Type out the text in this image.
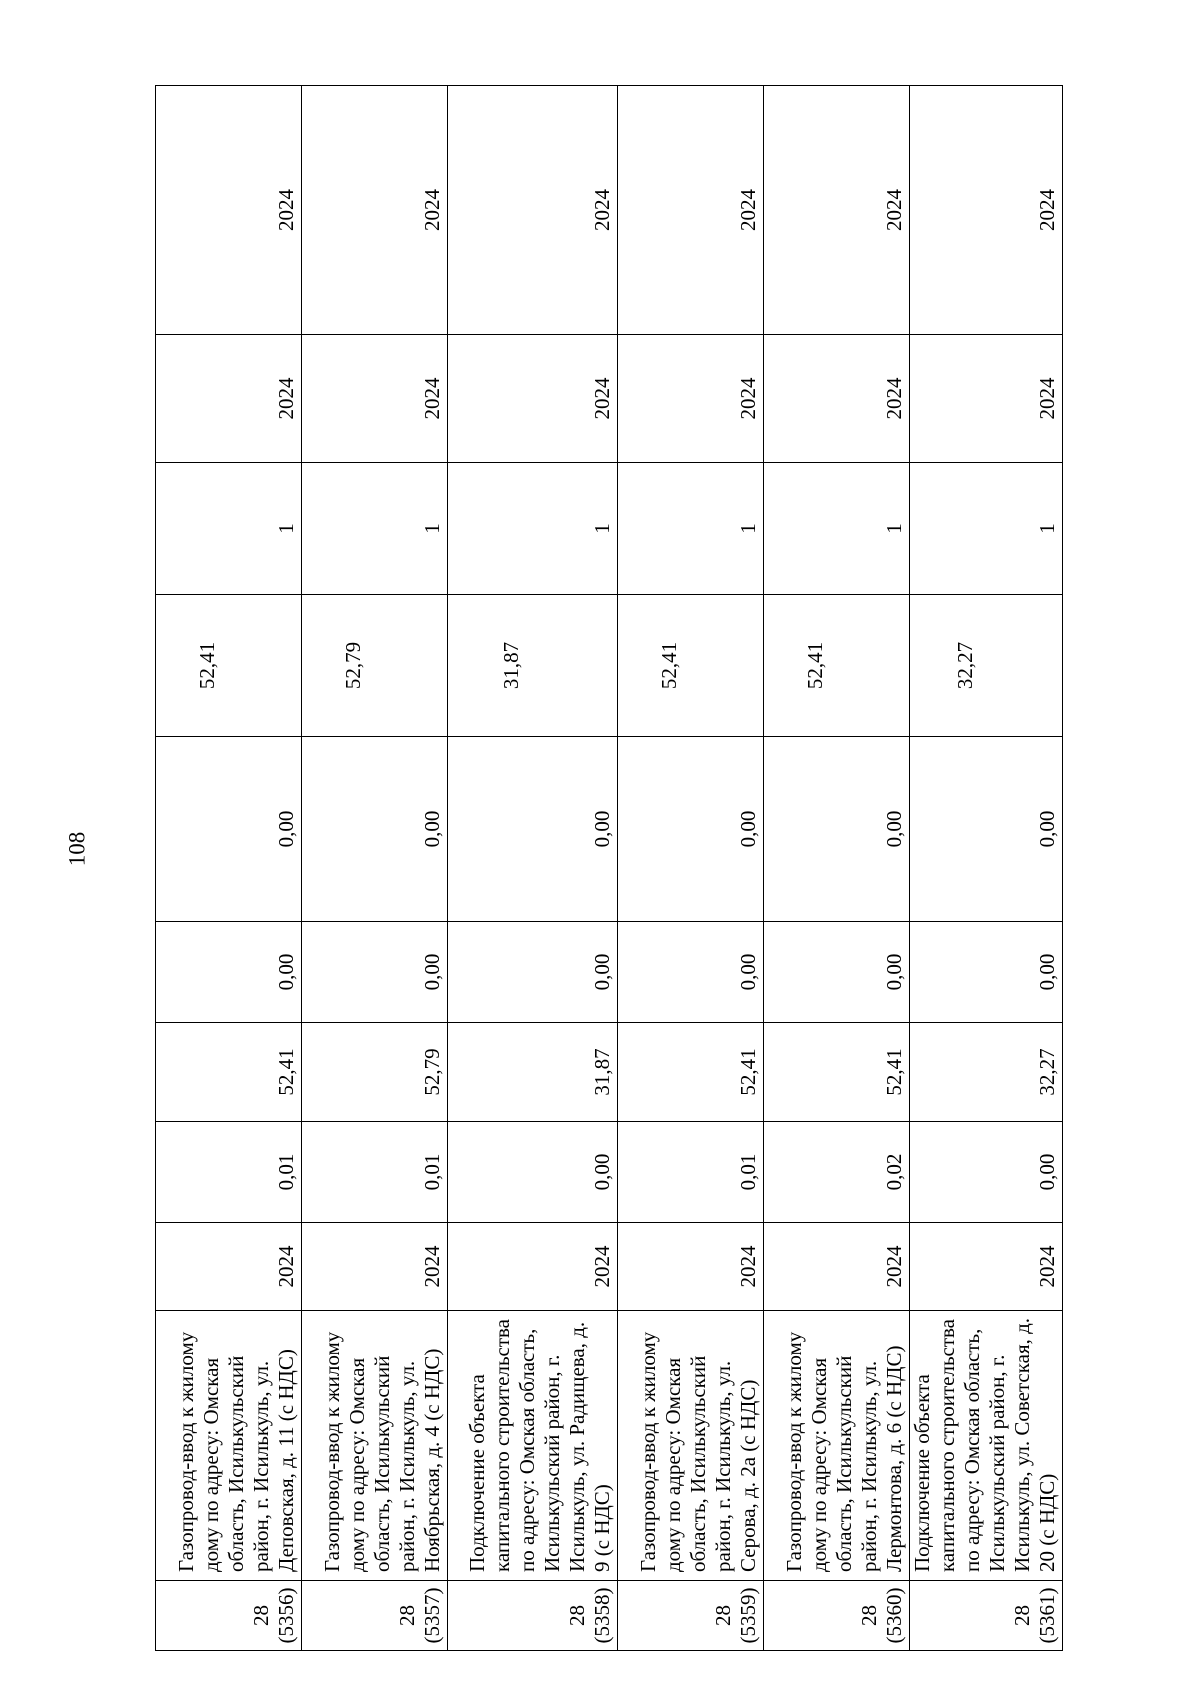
108
28 (5356)	Газопровод-ввод к жилому дому по адресу: Омская область, Исилькульский район, г. Исилькуль, ул. Деповская, д. 11 (с НДС)	2024	0,01	52,41	0,00	0,00	52,41	1	2024	2024

28 (5357)	Газопровод-ввод к жилому дому по адресу: Омская область, Исилькульский район, г. Исилькуль, ул. Ноябрьская, д. 4 (с НДС)	2024	0,01	52,79	0,00	0,00	52,79	1	2024	2024

28 (5358)	Подключение объекта капитального строительства по адресу: Омская область, Исилькульский район, г. Исилькуль, ул. Радищева, д. 9 (с НДС)	2024	0,00	31,87	0,00	0,00	31,87	1	2024	2024

28 (5359)	Газопровод-ввод к жилому дому по адресу: Омская область, Исилькульский район, г. Исилькуль, ул. Серова, д. 2а (с НДС)	2024	0,01	52,41	0,00	0,00	52,41	1	2024	2024

28 (5360)	Газопровод-ввод к жилому дому по адресу: Омская область, Исилькульский район, г. Исилькуль, ул. Лермонтова, д. 6 (с НДС)	2024	0,02	52,41	0,00	0,00	52,41	1	2024	2024

28 (5361)	Подключение объекта капитального строительства по адресу: Омская область, Исилькульский район, г. Исилькуль, ул. Советская, д. 20 (с НДС)	2024	0,00	32,27	0,00	0,00	32,27	1	2024	2024
